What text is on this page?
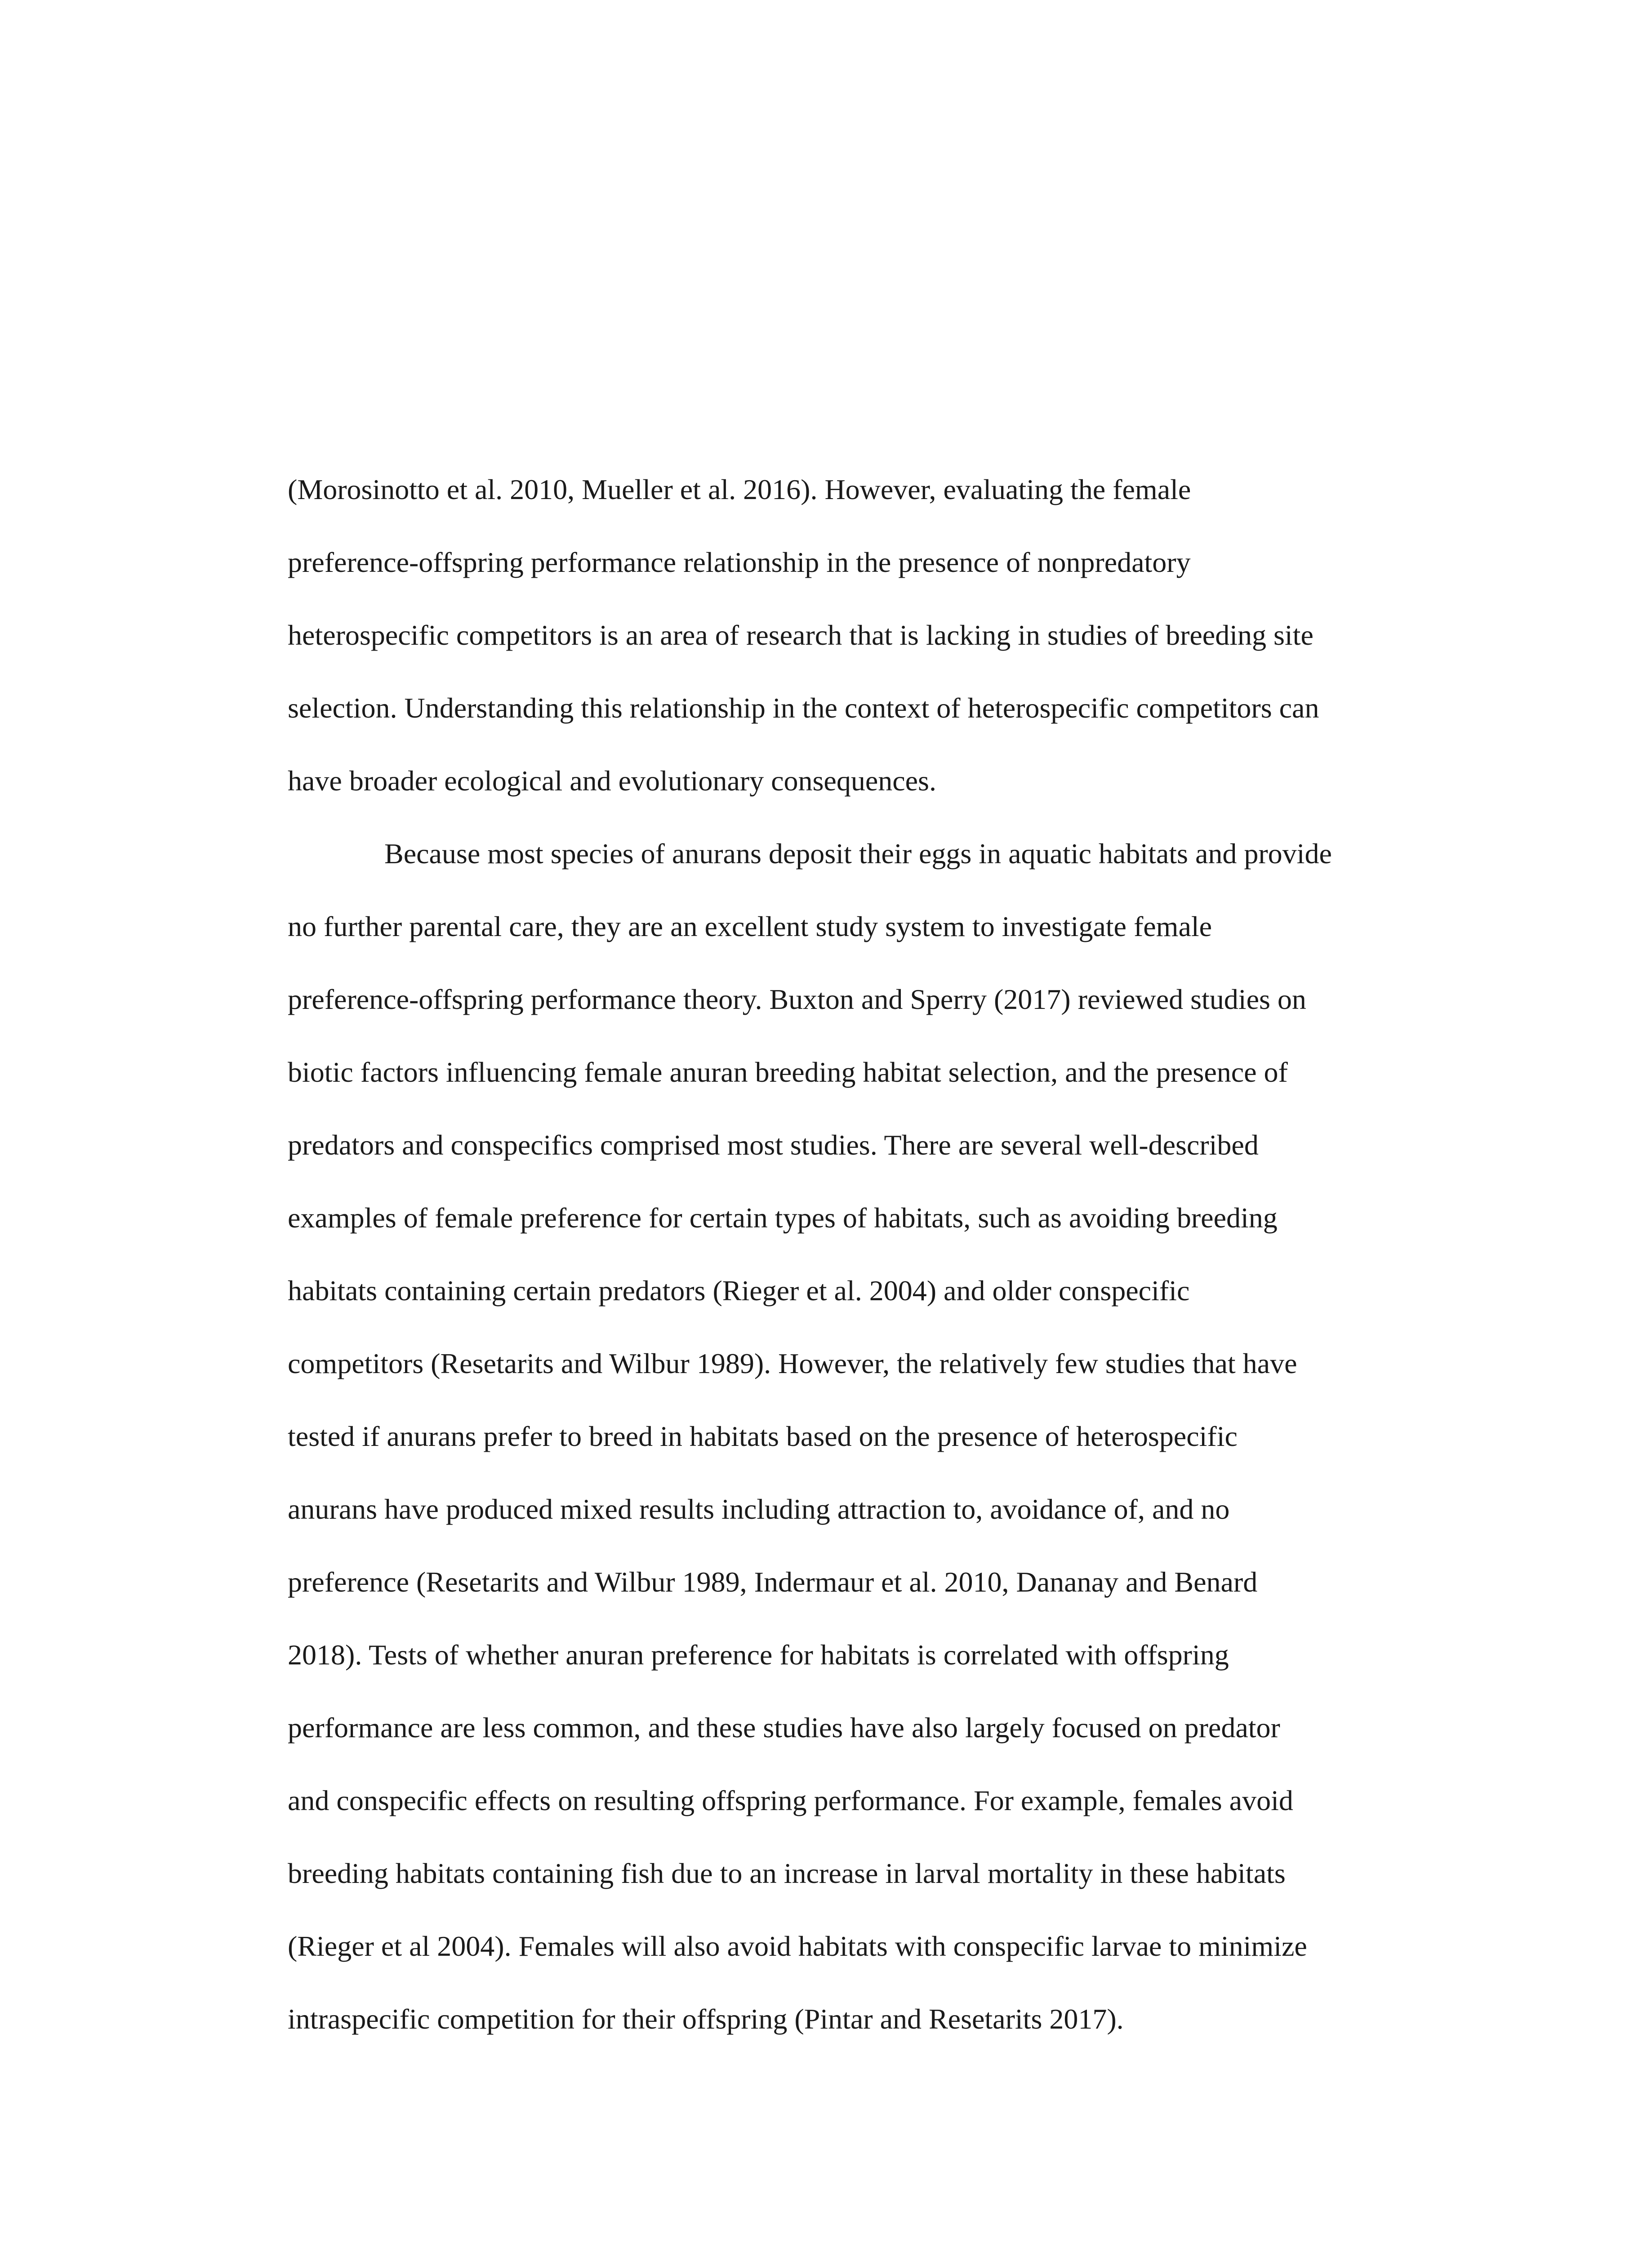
(Morosinotto et al. 2010, Mueller et al. 2016). However, evaluating the female
preference-offspring performance relationship in the presence of nonpredatory
heterospecific competitors is an area of research that is lacking in studies of breeding site
selection. Understanding this relationship in the context of heterospecific competitors can
have broader ecological and evolutionary consequences.
Because most species of anurans deposit their eggs in aquatic habitats and provide
no further parental care, they are an excellent study system to investigate female
preference-offspring performance theory. Buxton and Sperry (2017) reviewed studies on
biotic factors influencing female anuran breeding habitat selection, and the presence of
predators and conspecifics comprised most studies. There are several well-described
examples of female preference for certain types of habitats, such as avoiding breeding
habitats containing certain predators (Rieger et al. 2004) and older conspecific
competitors (Resetarits and Wilbur 1989). However, the relatively few studies that have
tested if anurans prefer to breed in habitats based on the presence of heterospecific
anurans have produced mixed results including attraction to, avoidance of, and no
preference (Resetarits and Wilbur 1989, Indermaur et al. 2010, Dananay and Benard
2018). Tests of whether anuran preference for habitats is correlated with offspring
performance are less common, and these studies have also largely focused on predator
and conspecific effects on resulting offspring performance. For example, females avoid
breeding habitats containing fish due to an increase in larval mortality in these habitats
(Rieger et al 2004). Females will also avoid habitats with conspecific larvae to minimize
intraspecific competition for their offspring (Pintar and Resetarits 2017).
